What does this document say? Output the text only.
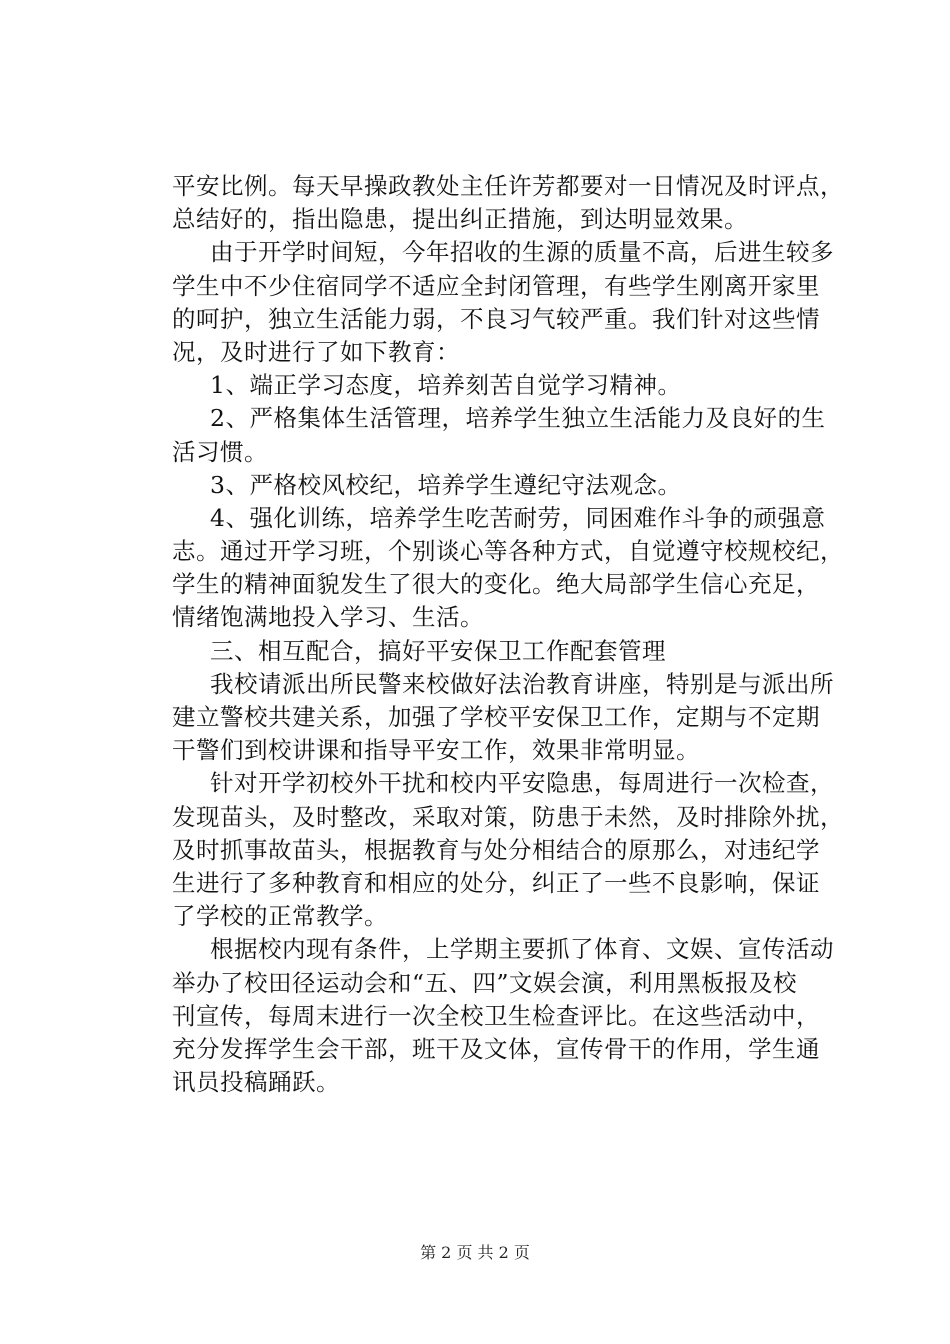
平安比例。每天早操政教处主任许芳都要对一日情况及时评点，
总结好的，指出隐患，提出纠正措施，到达明显效果。
由于开学时间短，今年招收的生源的质量不高，后进生较多
学生中不少住宿同学不适应全封闭管理，有些学生刚离开家里
的呵护，独立生活能力弱，不良习气较严重。我们针对这些情
况，及时进行了如下教育：
1、端正学习态度，培养刻苦自觉学习精神。
2、严格集体生活管理，培养学生独立生活能力及良好的生
活习惯。
3、严格校风校纪，培养学生遵纪守法观念。
4、强化训练，培养学生吃苦耐劳，同困难作斗争的顽强意
志。通过开学习班，个别谈心等各种方式，自觉遵守校规校纪，
学生的精神面貌发生了很大的变化。绝大局部学生信心充足，
情绪饱满地投入学习、生活。
三、相互配合，搞好平安保卫工作配套管理
我校请派出所民警来校做好法治教育讲座，特别是与派出所
建立警校共建关系，加强了学校平安保卫工作，定期与不定期
干警们到校讲课和指导平安工作，效果非常明显。
针对开学初校外干扰和校内平安隐患，每周进行一次检查，
发现苗头，及时整改，采取对策，防患于未然，及时排除外扰，
及时抓事故苗头，根据教育与处分相结合的原那么，对违纪学
生进行了多种教育和相应的处分，纠正了一些不良影响，保证
了学校的正常教学。
根据校内现有条件，上学期主要抓了体育、文娱、宣传活动
举办了校田径运动会和“五、四”文娱会演，利用黑板报及校
刊宣传，每周末进行一次全校卫生检查评比。在这些活动中，
充分发挥学生会干部，班干及文体，宣传骨干的作用，学生通
讯员投稿踊跃。
第 2 页 共 2 页
